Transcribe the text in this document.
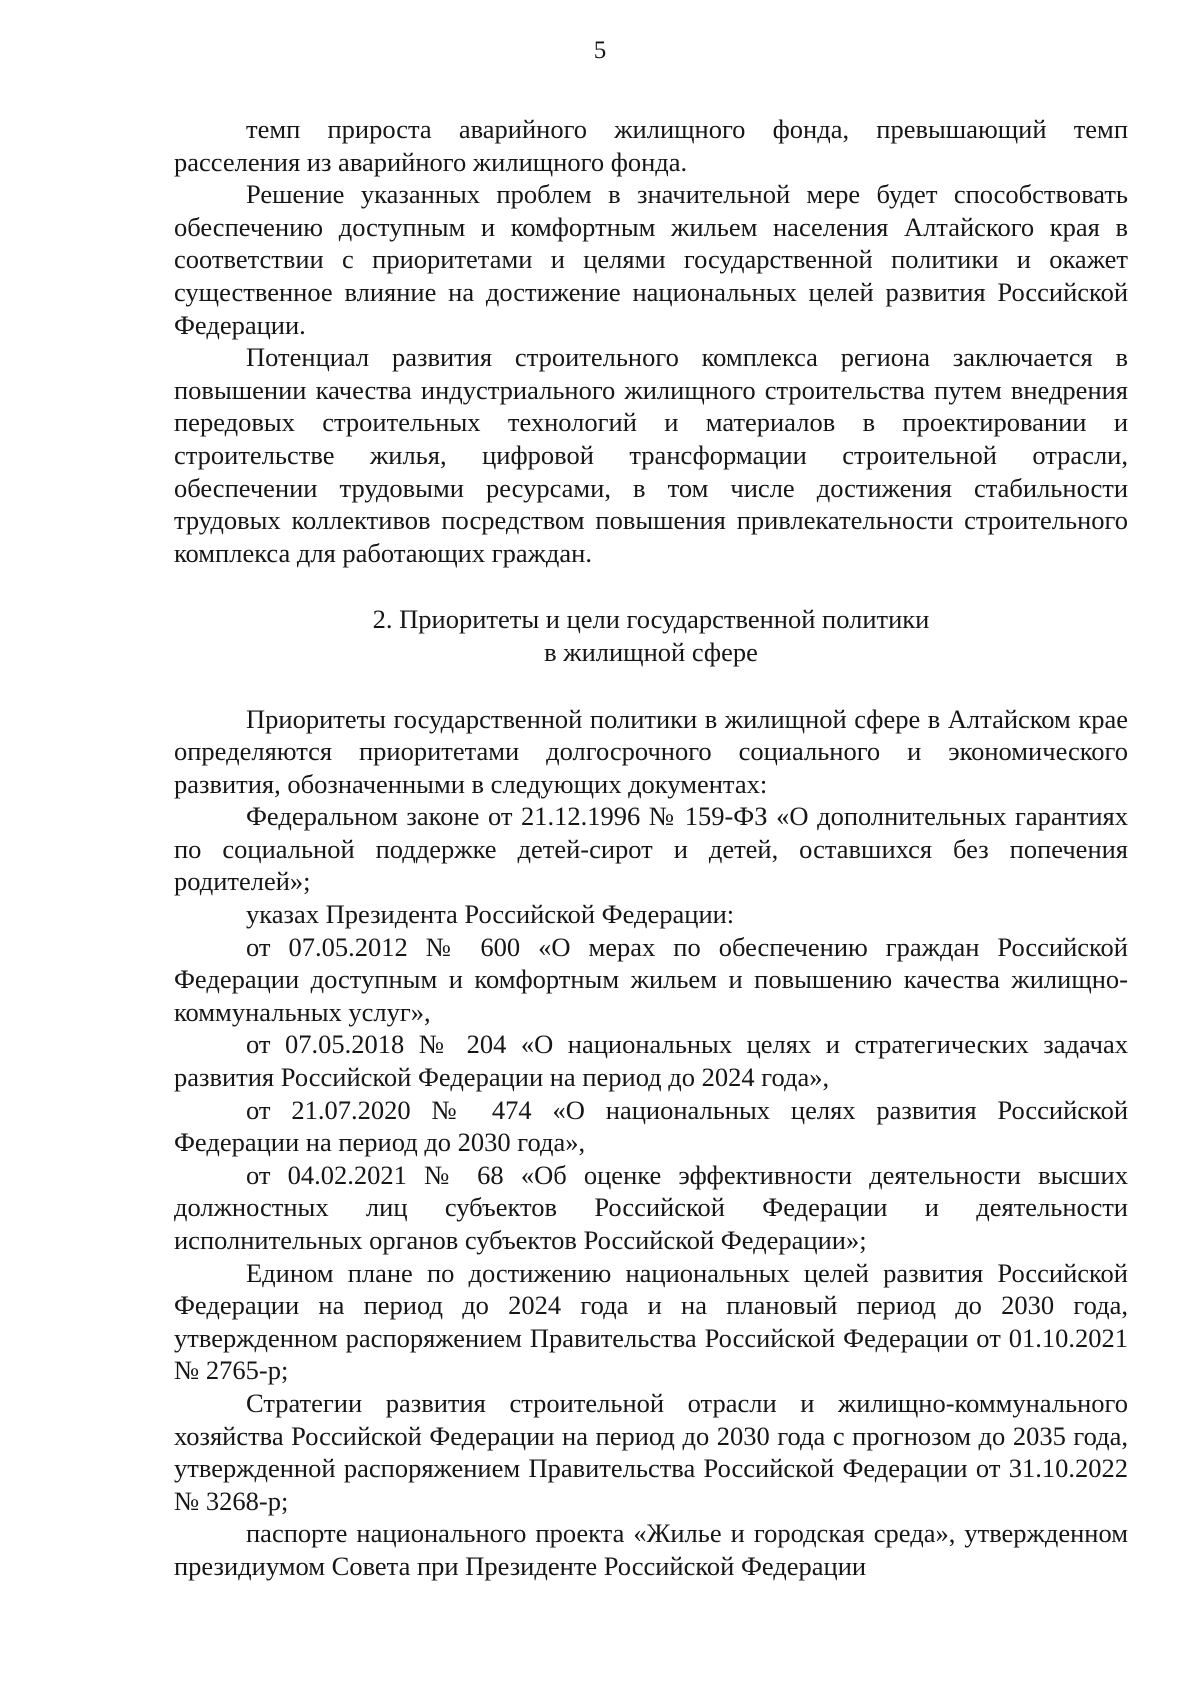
5

темп прироста аварийного жилищного фонда, превышающий темп расселения из аварийного жилищного фонда.

Решение указанных проблем в значительной мере будет способствовать обеспечению доступным и комфортным жильем населения Алтайского края в соответствии с приоритетами и целями государственной политики и окажет существенное влияние на достижение национальных целей развития Российской Федерации.

Потенциал развития строительного комплекса региона заключается в повышении качества индустриального жилищного строительства путем внедрения передовых строительных технологий и материалов в проектировании и строительстве жилья, цифровой трансформации строительной отрасли, обеспечении трудовыми ресурсами, в том числе достижения стабильности трудовых коллективов посредством повышения привлекательности строительного комплекса для работающих граждан.

2. Приоритеты и цели государственной политики

в жилищной сфере

Приоритеты государственной политики в жилищной сфере в Алтайском крае определяются приоритетами долгосрочного социального и экономического развития, обозначенными в следующих документах:

Федеральном законе от 21.12.1996 № 159-ФЗ «О дополнительных гарантиях по социальной поддержке детей-сирот и детей, оставшихся без попечения родителей»;

указах Президента Российской Федерации:

от 07.05.2012 № 600 «О мерах по обеспечению граждан Российской Федерации доступным и комфортным жильем и повышению качества жилищно-коммунальных услуг»,

от 07.05.2018 № 204 «О национальных целях и стратегических задачах развития Российской Федерации на период до 2024 года»,

от 21.07.2020 № 474 «О национальных целях развития Российской Федерации на период до 2030 года»,

от 04.02.2021 № 68 «Об оценке эффективности деятельности высших должностных лиц субъектов Российской Федерации и деятельности исполнительных органов субъектов Российской Федерации»;

Едином плане по достижению национальных целей развития Российской Федерации на период до 2024 года и на плановый период до 2030 года, утвержденном распоряжением Правительства Российской Федерации от 01.10.2021 № 2765-р;

Стратегии развития строительной отрасли и жилищно-коммунального хозяйства Российской Федерации на период до 2030 года с прогнозом до 2035 года, утвержденной распоряжением Правительства Российской Федерации от 31.10.2022 № 3268-р;

паспорте национального проекта «Жилье и городская среда», утвержденном президиумом Совета при Президенте Российской Федерации
